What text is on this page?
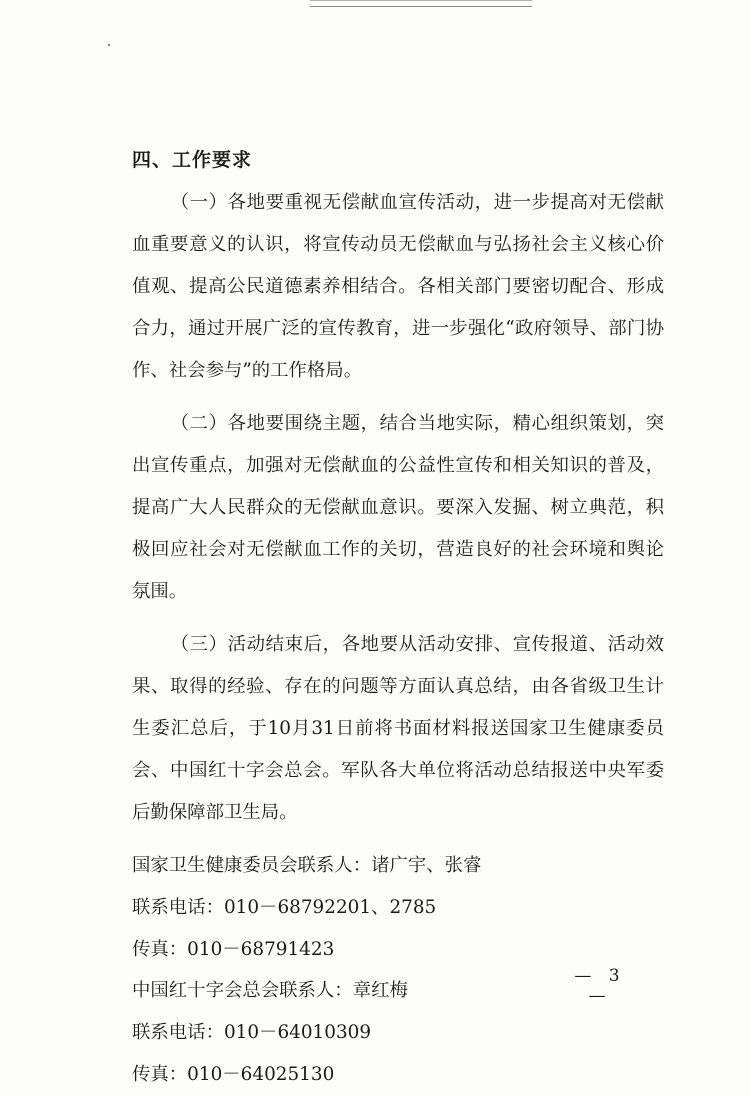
四、工作要求

（一）各地要重视无偿献血宣传活动，进一步提高对无偿献血重要意义的认识，将宣传动员无偿献血与弘扬社会主义核心价值观、提高公民道德素养相结合。各相关部门要密切配合、形成合力，通过开展广泛的宣传教育，进一步强化“政府领导、部门协作、社会参与”的工作格局。

（二）各地要围绕主题，结合当地实际，精心组织策划，突出宣传重点，加强对无偿献血的公益性宣传和相关知识的普及，提高广大人民群众的无偿献血意识。要深入发掘、树立典范，积极回应社会对无偿献血工作的关切，营造良好的社会环境和舆论氛围。

（三）活动结束后，各地要从活动安排、宣传报道、活动效果、取得的经验、存在的问题等方面认真总结，由各省级卫生计生委汇总后，于10月31日前将书面材料报送国家卫生健康委员会、中国红十字会总会。军队各大单位将活动总结报送中央军委后勤保障部卫生局。

国家卫生健康委员会联系人：诸广宇、张睿

联系电话：010－68792201、2785

传真：010－68791423

中国红十字会总会联系人：章红梅

联系电话：010－64010309

传真：010－64025130

— 3 —
